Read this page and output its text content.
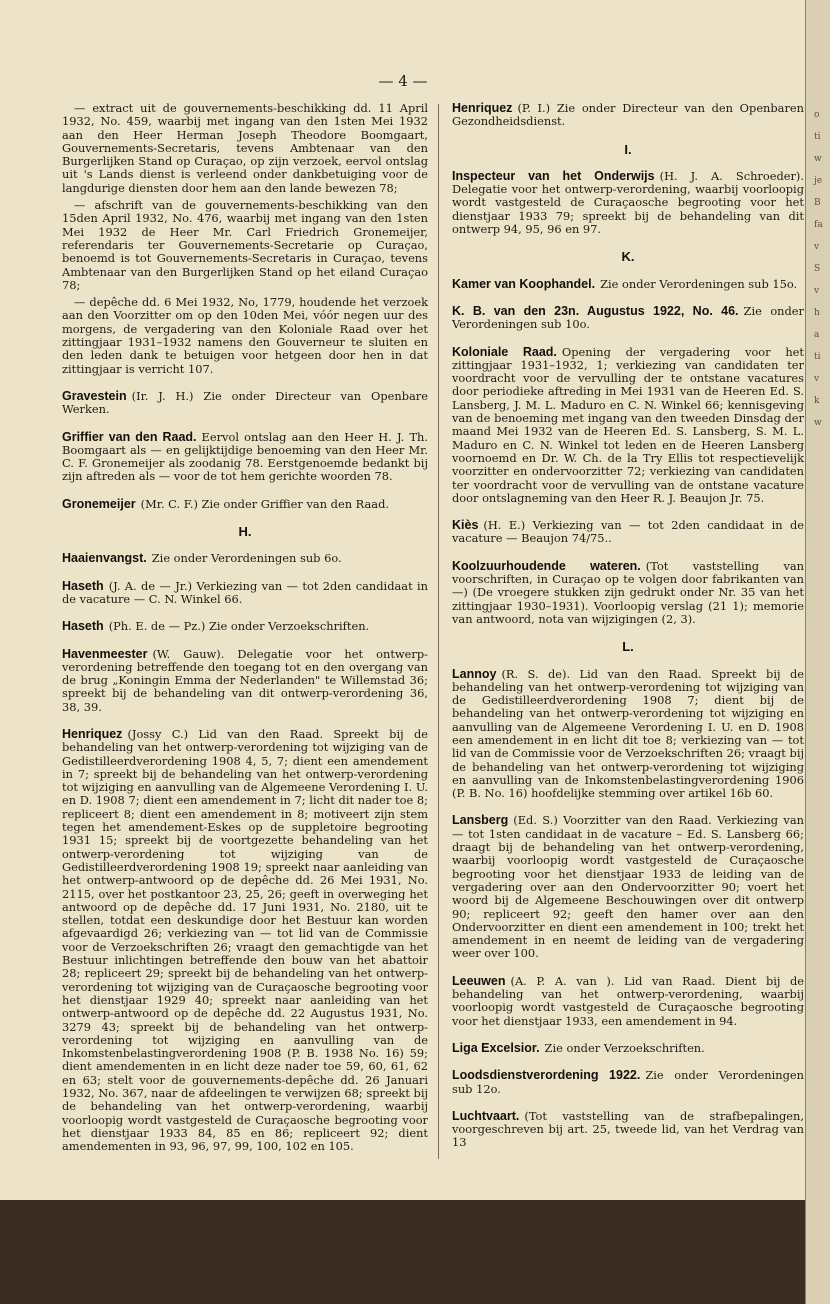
— 4 —

— extract uit de gouvernements-beschikking dd. 11 April 1932, No. 459, waarbij met ingang van den 1sten Mei 1932 aan den Heer Herman Joseph Theodore Boomgaart, Gouvernements-Secretaris, tevens Ambtenaar van den Burgerlijken Stand op Curaçao, op zijn verzoek, eervol ontslag uit 's Lands dienst is verleend onder dankbetuiging voor de langdurige diensten door hem aan den lande bewezen 78;

— afschrift van de gouvernements-beschikking van den 15den April 1932, No. 476, waarbij met ingang van den 1sten Mei 1932 de Heer Mr. Carl Friedrich Gronemeijer, referendaris ter Gouvernements-Secretarie op Curaçao, benoemd is tot Gouvernements-Secretaris in Curaçao, tevens Ambtenaar van den Burgerlijken Stand op het eiland Curaçao 78;

— depêche dd. 6 Mei 1932, No, 1779, houdende het verzoek aan den Voorzitter om op den 10den Mei, vóór negen uur des morgens, de vergadering van den Koloniale Raad over het zittingjaar 1931–1932 namens den Gouverneur te sluiten en den leden dank te betuigen voor hetgeen door hen in dat zittingjaar is verricht 107.

Gravestein (Ir. J. H.) Zie onder Directeur van Openbare Werken.

Griffier van den Raad. Eervol ontslag aan den Heer H. J. Th. Boomgaart als — en gelijktijdige benoeming van den Heer Mr. C. F. Gronemeijer als zoodanig 78. Eerstgenoemde bedankt bij zijn aftreden als — voor de tot hem gerichte woorden 78.

Gronemeijer (Mr. C. F.) Zie onder Griffier van den Raad.

H.

Haaienvangst. Zie onder Verordeningen sub 6o.

Haseth (J. A. de — Jr.) Verkiezing van — tot 2den candidaat in de vacature — C. N. Winkel 66.

Haseth (Ph. E. de — Pz.) Zie onder Verzoekschriften.

Havenmeester (W. Gauw). Delegatie voor het ontwerp-verordening betreffende den toegang tot en den overgang van de brug „Koningin Emma der Nederlanden" te Willemstad 36; spreekt bij de behandeling van dit ontwerp-verordening 36, 38, 39.

Henriquez (Jossy C.) Lid van den Raad. Spreekt bij de behandeling van het ontwerp-verordening tot wijziging van de Gedistilleerdverordening 1908 4, 5, 7; dient een amendement in 7; spreekt bij de behandeling van het ontwerp-verordening tot wijziging en aanvulling van de Algemeene Verordening I. U. en D. 1908 7; dient een amendement in 7; licht dit nader toe 8; repliceert 8; dient een amendement in 8; motiveert zijn stem tegen het amendement-Eskes op de suppletoire begrooting 1931 15; spreekt bij de voortgezette behandeling van het ontwerp-verordening tot wijziging van de Gedistilleerdverordening 1908 19; spreekt naar aanleiding van het ontwerp-antwoord op de depêche dd. 26 Mei 1931, No. 2115, over het postkantoor 23, 25, 26; geeft in overweging het antwoord op de depêche dd. 17 Juni 1931, No. 2180, uit te stellen, totdat een deskundige door het Bestuur kan worden afgevaardigd 26; verkiezing van — tot lid van de Commissie voor de Verzoekschriften 26; vraagt den gemachtigde van het Bestuur inlichtingen betreffende den bouw van het abattoir 28; repliceert 29; spreekt bij de behandeling van het ontwerp-verordening tot wijziging van de Curaçaosche begrooting voor het dienstjaar 1929 40; spreekt naar aanleiding van het ontwerp-antwoord op de depêche dd. 22 Augustus 1931, No. 3279 43; spreekt bij de behandeling van het ontwerp-verordening tot wijziging en aanvulling van de Inkomstenbelastingverordening 1908 (P. B. 1938 No. 16) 59; dient amendementen in en licht deze nader toe 59, 60, 61, 62 en 63; stelt voor de gouvernements-depêche dd. 26 Januari 1932, No. 367, naar de afdeelingen te verwijzen 68; spreekt bij de behandeling van het ontwerp-verordening, waarbij voorloopig wordt vastgesteld de Curaçaosche begrooting voor het dienstjaar 1933 84, 85 en 86; repliceert 92; dient amendementen in 93, 96, 97, 99, 100, 102 en 105.

Henriquez (P. I.) Zie onder Directeur van den Openbaren Gezondheidsdienst.

I.

Inspecteur van het Onderwijs (H. J. A. Schroeder). Delegatie voor het ontwerp-verordening, waarbij voorloopig wordt vastgesteld de Curaçaosche begrooting voor het dienstjaar 1933 79; spreekt bij de behandeling van dit ontwerp 94, 95, 96 en 97.

K.

Kamer van Koophandel. Zie onder Verordeningen sub 15o.

K. B. van den 23n. Augustus 1922, No. 46. Zie onder Verordeningen sub 10o.

Koloniale Raad. Opening der vergadering voor het zittingjaar 1931–1932, 1; verkiezing van candidaten ter voordracht voor de vervulling der te ontstane vacatures door periodieke aftreding in Mei 1931 van de Heeren Ed. S. Lansberg, J. M. L. Maduro en C. N. Winkel 66; kennisgeving van de benoeming met ingang van den tweeden Dinsdag der maand Mei 1932 van de Heeren Ed. S. Lansberg, S. M. L. Maduro en C. N. Winkel tot leden en de Heeren Lansberg voornoemd en Dr. W. Ch. de la Try Ellis tot respectievelijk voorzitter en ondervoorzitter 72; verkiezing van candidaten ter voordracht voor de vervulling van de ontstane vacature door ontslagneming van den Heer R. J. Beaujon Jr. 75.

Kiès (H. E.) Verkiezing van — tot 2den candidaat in de vacature — Beaujon 74/75..

Koolzuurhoudende wateren. (Tot vaststelling van voorschriften, in Curaçao op te volgen door fabrikanten van —) (De vroegere stukken zijn gedrukt onder Nr. 35 van het zittingjaar 1930–1931). Voorloopig verslag (21 1); memorie van antwoord, nota van wijzigingen (2, 3).

L.

Lannoy (R. S. de). Lid van den Raad. Spreekt bij de behandeling van het ontwerp-verordening tot wijziging van de Gedistilleerdverordening 1908 7; dient bij de behandeling van het ontwerp-verordening tot wijziging en aanvulling van de Algemeene Verordening I. U. en D. 1908 een amendement in en licht dit toe 8; verkiezing van — tot lid van de Commissie voor de Verzoekschriften 26; vraagt bij de behandeling van het ontwerp-verordening tot wijziging en aanvulling van de Inkomstenbelastingverordening 1906 (P. B. No. 16) hoofdelijke stemming over artikel 16b 60.

Lansberg (Ed. S.) Voorzitter van den Raad. Verkiezing van — tot 1sten candidaat in de vacature – Ed. S. Lansberg 66; draagt bij de behandeling van het ontwerp-verordening, waarbij voorloopig wordt vastgesteld de Curaçaosche begrooting voor het dienstjaar 1933 de leiding van de vergadering over aan den Ondervoorzitter 90; voert het woord bij de Algemeene Beschouwingen over dit ontwerp 90; repliceert 92; geeft den hamer over aan den Ondervoorzitter en dient een amendement in 100; trekt het amendement in en neemt de leiding van de vergadering weer over 100.

Leeuwen (A. P. A. van ). Lid van Raad. Dient bij de behandeling van het ontwerp-verordening, waarbij voorloopig wordt vastgesteld de Curaçaosche begrooting voor het dienstjaar 1933, een amendement in 94.

Liga Excelsior. Zie onder Verzoekschriften.

Loodsdienstverordening 1922. Zie onder Verordeningen sub 12o.

Luchtvaart. (Tot vaststelling van de strafbepalingen, voorgeschreven bij art. 25, tweede lid, van het Verdrag van 13

o
ti
w
je
B
fa
v
S
v
h
a
ti
v
k
w
